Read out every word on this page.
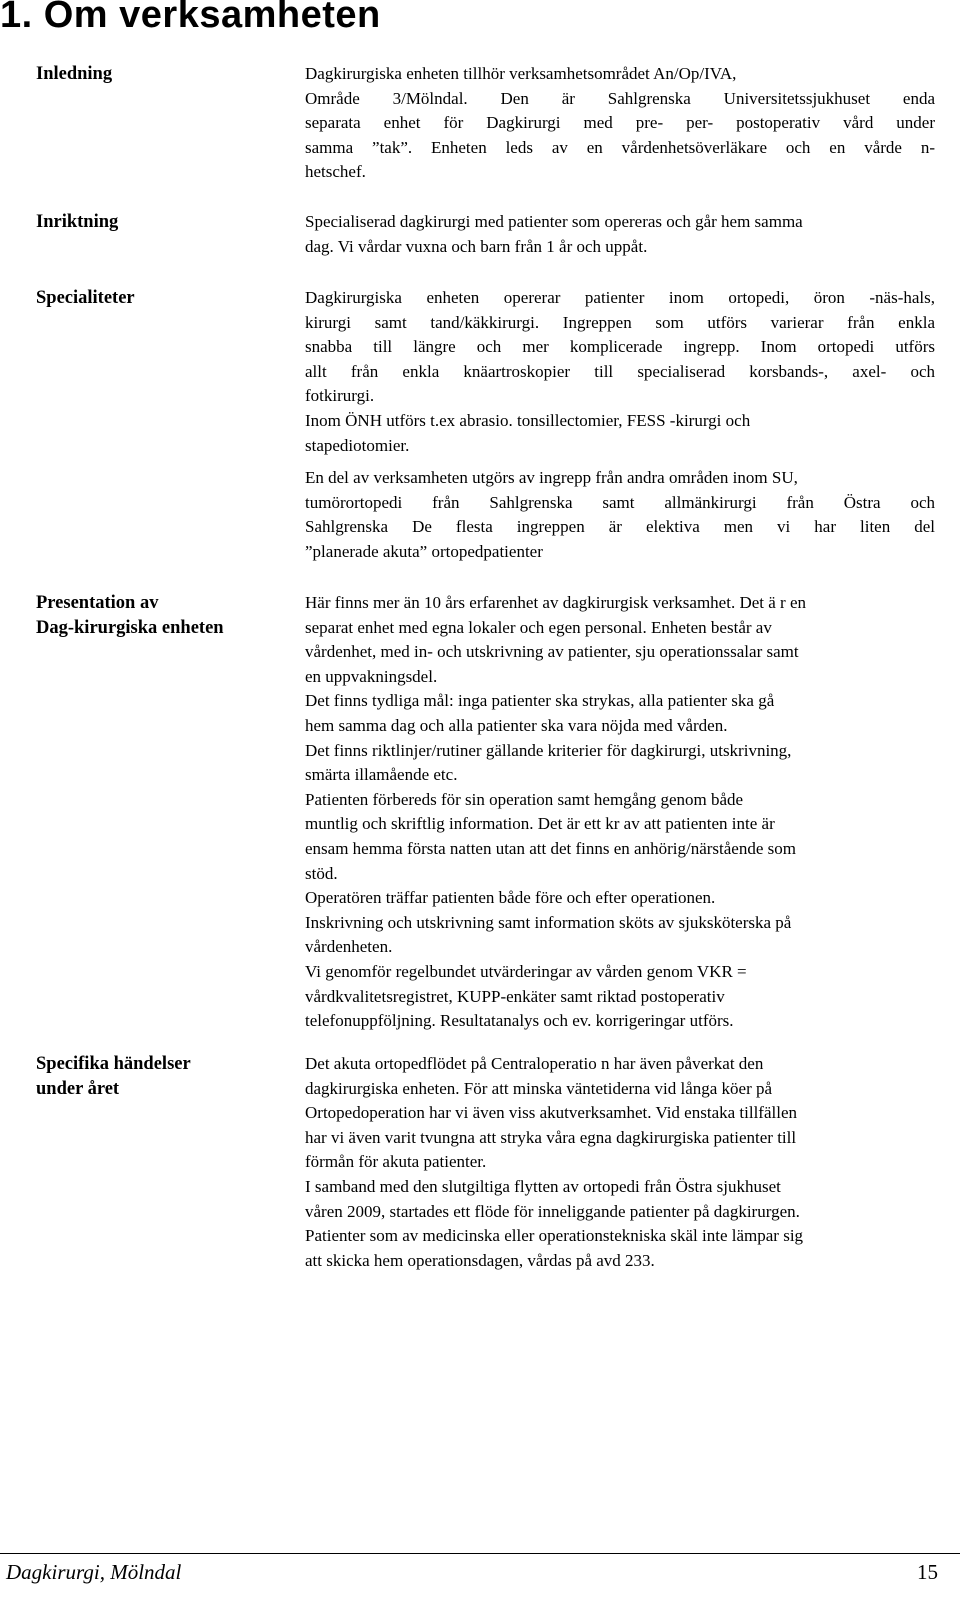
1. Om verksamheten
Inledning
Inriktning
Specialiteter
Presentation av
Dag-kirurgiska enheten
Specifika händelser
under året
Dagkirurgiska enheten tillhör verksamhetsområdet An/Op/IVA,
Område 3/Mölndal. Den är Sahlgrenska Universitetssjukhuset enda
separata enhet för Dagkirurgi med pre- per- postoperativ vård under
samma ”tak”. Enheten leds av en vårdenhetsöverläkare och en vårde n-
hetschef.
Specialiserad dagkirurgi med patienter som opereras och går hem samma
dag. Vi vårdar vuxna och barn från 1 år och uppåt.
Dagkirurgiska enheten opererar patienter inom ortopedi, öron -näs-hals,
kirurgi samt tand/käkkirurgi. Ingreppen som utförs varierar från enkla
snabba till längre och mer komplicerade ingrepp. Inom ortopedi utförs
allt från enkla knäartroskopier till specialiserad korsbands-, axel- och
fotkirurgi.
Inom ÖNH utförs t.ex abrasio. tonsillectomier, FESS -kirurgi och
stapediotomier.
En del av verksamheten utgörs av ingrepp från andra områden inom SU,
tumörortopedi från Sahlgrenska samt allmänkirurgi från Östra och
Sahlgrenska De flesta ingreppen är elektiva men vi har liten del
”planerade akuta” ortopedpatienter
Här finns mer än 10 års erfarenhet av dagkirurgisk verksamhet. Det ä r en
separat enhet med egna lokaler och egen personal. Enheten består av
vårdenhet, med in- och utskrivning av patienter, sju operationssalar samt
en uppvakningsdel.
Det finns tydliga mål: inga patienter ska strykas, alla patienter ska gå
hem samma dag och alla patienter ska vara nöjda med vården.
Det finns riktlinjer/rutiner gällande kriterier för dagkirurgi, utskrivning,
smärta illamående etc.
Patienten förbereds för sin operation samt hemgång genom både
muntlig och skriftlig information. Det är ett kr av att patienten inte är
ensam hemma första natten utan att det finns en anhörig/närstående som
stöd.
Operatören träffar patienten både före och efter operationen.
Inskrivning och utskrivning samt information sköts av sjuksköterska på
vårdenheten.
Vi genomför regelbundet utvärderingar av vården genom VKR =
vårdkvalitetsregistret, KUPP-enkäter samt riktad postoperativ
telefonuppföljning. Resultatanalys och ev. korrigeringar utförs.
Det akuta ortopedflödet på Centraloperatio n har även påverkat den
dagkirurgiska enheten. För att minska väntetiderna vid långa köer på
Ortopedoperation har vi även viss akutverksamhet. Vid enstaka tillfällen
har vi även varit tvungna att stryka våra egna dagkirurgiska patienter till
förmån för akuta patienter.
I samband med den slutgiltiga flytten av ortopedi från Östra sjukhuset
våren 2009, startades ett flöde för inneliggande patienter på dagkirurgen.
Patienter som av medicinska eller operationstekniska skäl inte lämpar sig
att skicka hem operationsdagen, vårdas på avd 233.
Dagkirurgi, Mölndal	15
